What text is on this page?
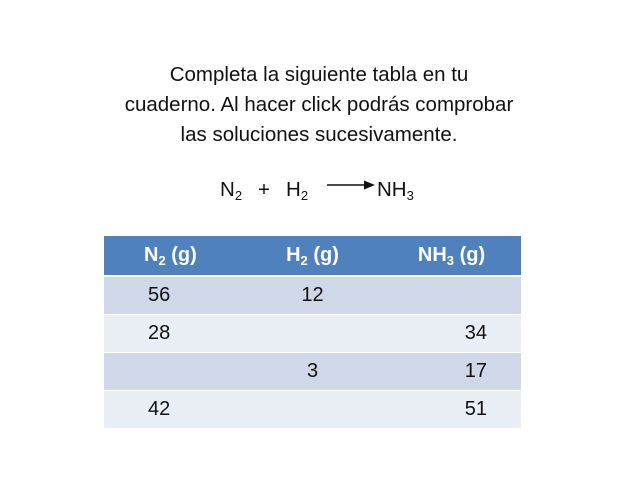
Completa la siguiente tabla en tu
cuaderno. Al hacer click podrás comprobar
las soluciones sucesivamente.
$N_2 + H_2$	$NH_3$
$N_2$ (g)	$H_2$ (g)	$NH_3$ (g)
56	12	
28		34
	3	17
42		51
